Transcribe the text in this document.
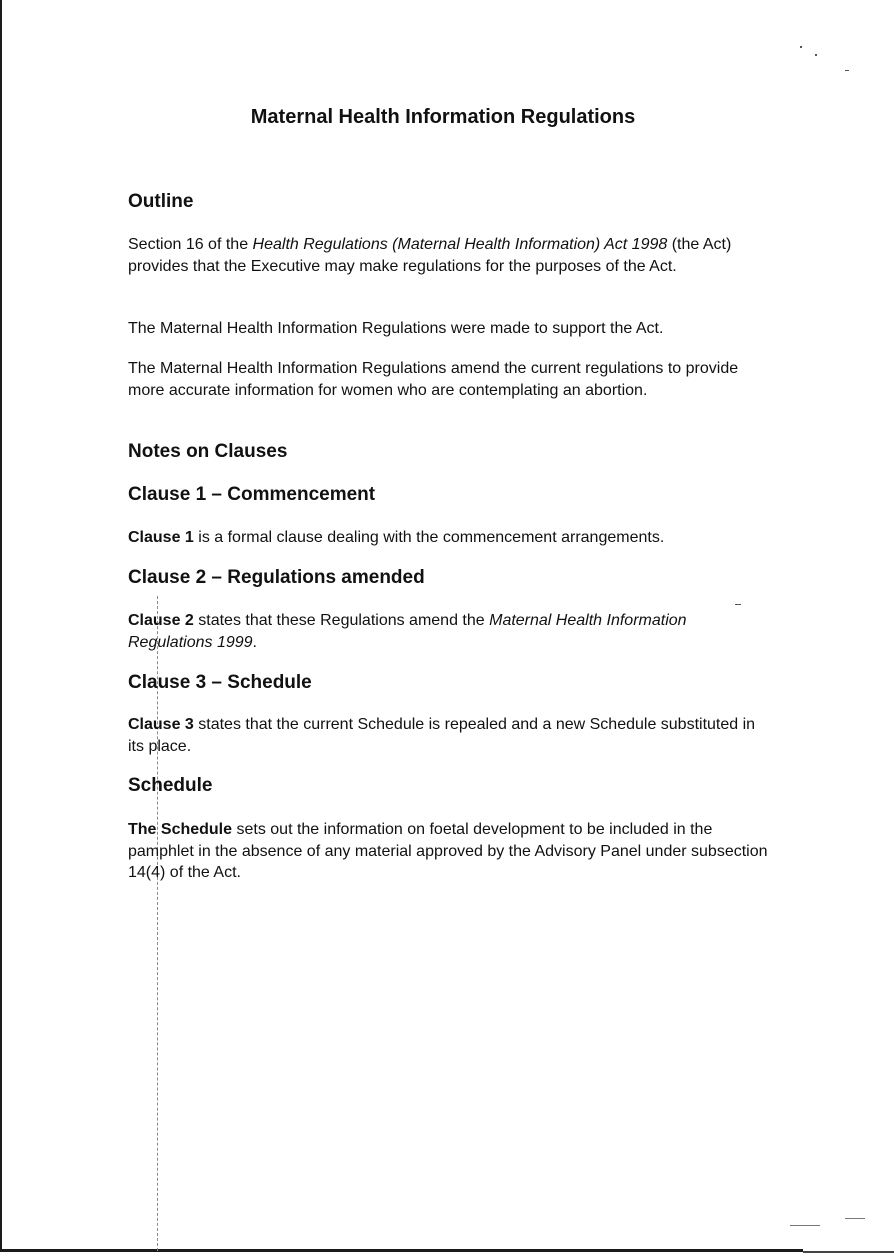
Maternal Health Information Regulations
Outline

Section 16 of the Health Regulations (Maternal Health Information) Act 1998 (the Act) provides that the Executive may make regulations for the purposes of the Act.

The Maternal Health Information Regulations were made to support the Act.

The Maternal Health Information Regulations amend the current regulations to provide more accurate information for women who are contemplating an abortion.

Notes on Clauses
Clause 1 – Commencement

Clause 1 is a formal clause dealing with the commencement arrangements.

Clause 2 – Regulations amended

Clause 2 states that these Regulations amend the Maternal Health Information Regulations 1999.

Clause 3 – Schedule

Clause 3 states that the current Schedule is repealed and a new Schedule substituted in its place.

Schedule

The Schedule sets out the information on foetal development to be included in the pamphlet in the absence of any material approved by the Advisory Panel under subsection 14(4) of the Act.
